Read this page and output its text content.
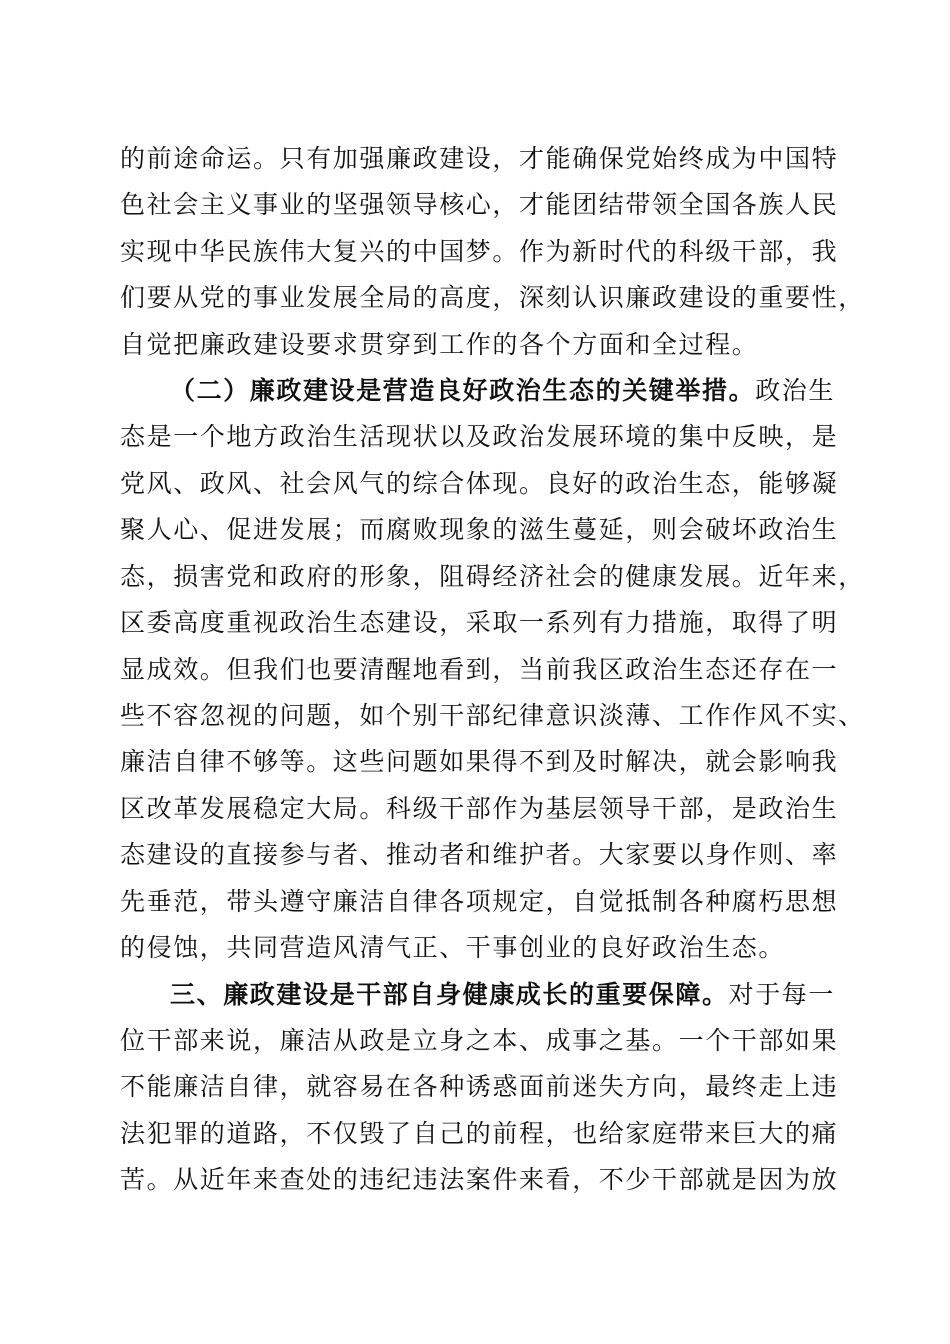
的前途命运。只有加强廉政建设，才能确保党始终成为中国特
色社会主义事业的坚强领导核心，才能团结带领全国各族人民
实现中华民族伟大复兴的中国梦。作为新时代的科级干部，我
们要从党的事业发展全局的高度，深刻认识廉政建设的重要性，
自觉把廉政建设要求贯穿到工作的各个方面和全过程。
（二）廉政建设是营造良好政治生态的关键举措。政治生
态是一个地方政治生活现状以及政治发展环境的集中反映，是
党风、政风、社会风气的综合体现。良好的政治生态，能够凝
聚人心、促进发展；而腐败现象的滋生蔓延，则会破坏政治生
态，损害党和政府的形象，阻碍经济社会的健康发展。近年来，
区委高度重视政治生态建设，采取一系列有力措施，取得了明
显成效。但我们也要清醒地看到，当前我区政治生态还存在一
些不容忽视的问题，如个别干部纪律意识淡薄、工作作风不实、
廉洁自律不够等。这些问题如果得不到及时解决，就会影响我
区改革发展稳定大局。科级干部作为基层领导干部，是政治生
态建设的直接参与者、推动者和维护者。大家要以身作则、率
先垂范，带头遵守廉洁自律各项规定，自觉抵制各种腐朽思想
的侵蚀，共同营造风清气正、干事创业的良好政治生态。
三、廉政建设是干部自身健康成长的重要保障。对于每一
位干部来说，廉洁从政是立身之本、成事之基。一个干部如果
不能廉洁自律，就容易在各种诱惑面前迷失方向，最终走上违
法犯罪的道路，不仅毁了自己的前程，也给家庭带来巨大的痛
苦。从近年来查处的违纪违法案件来看，不少干部就是因为放
